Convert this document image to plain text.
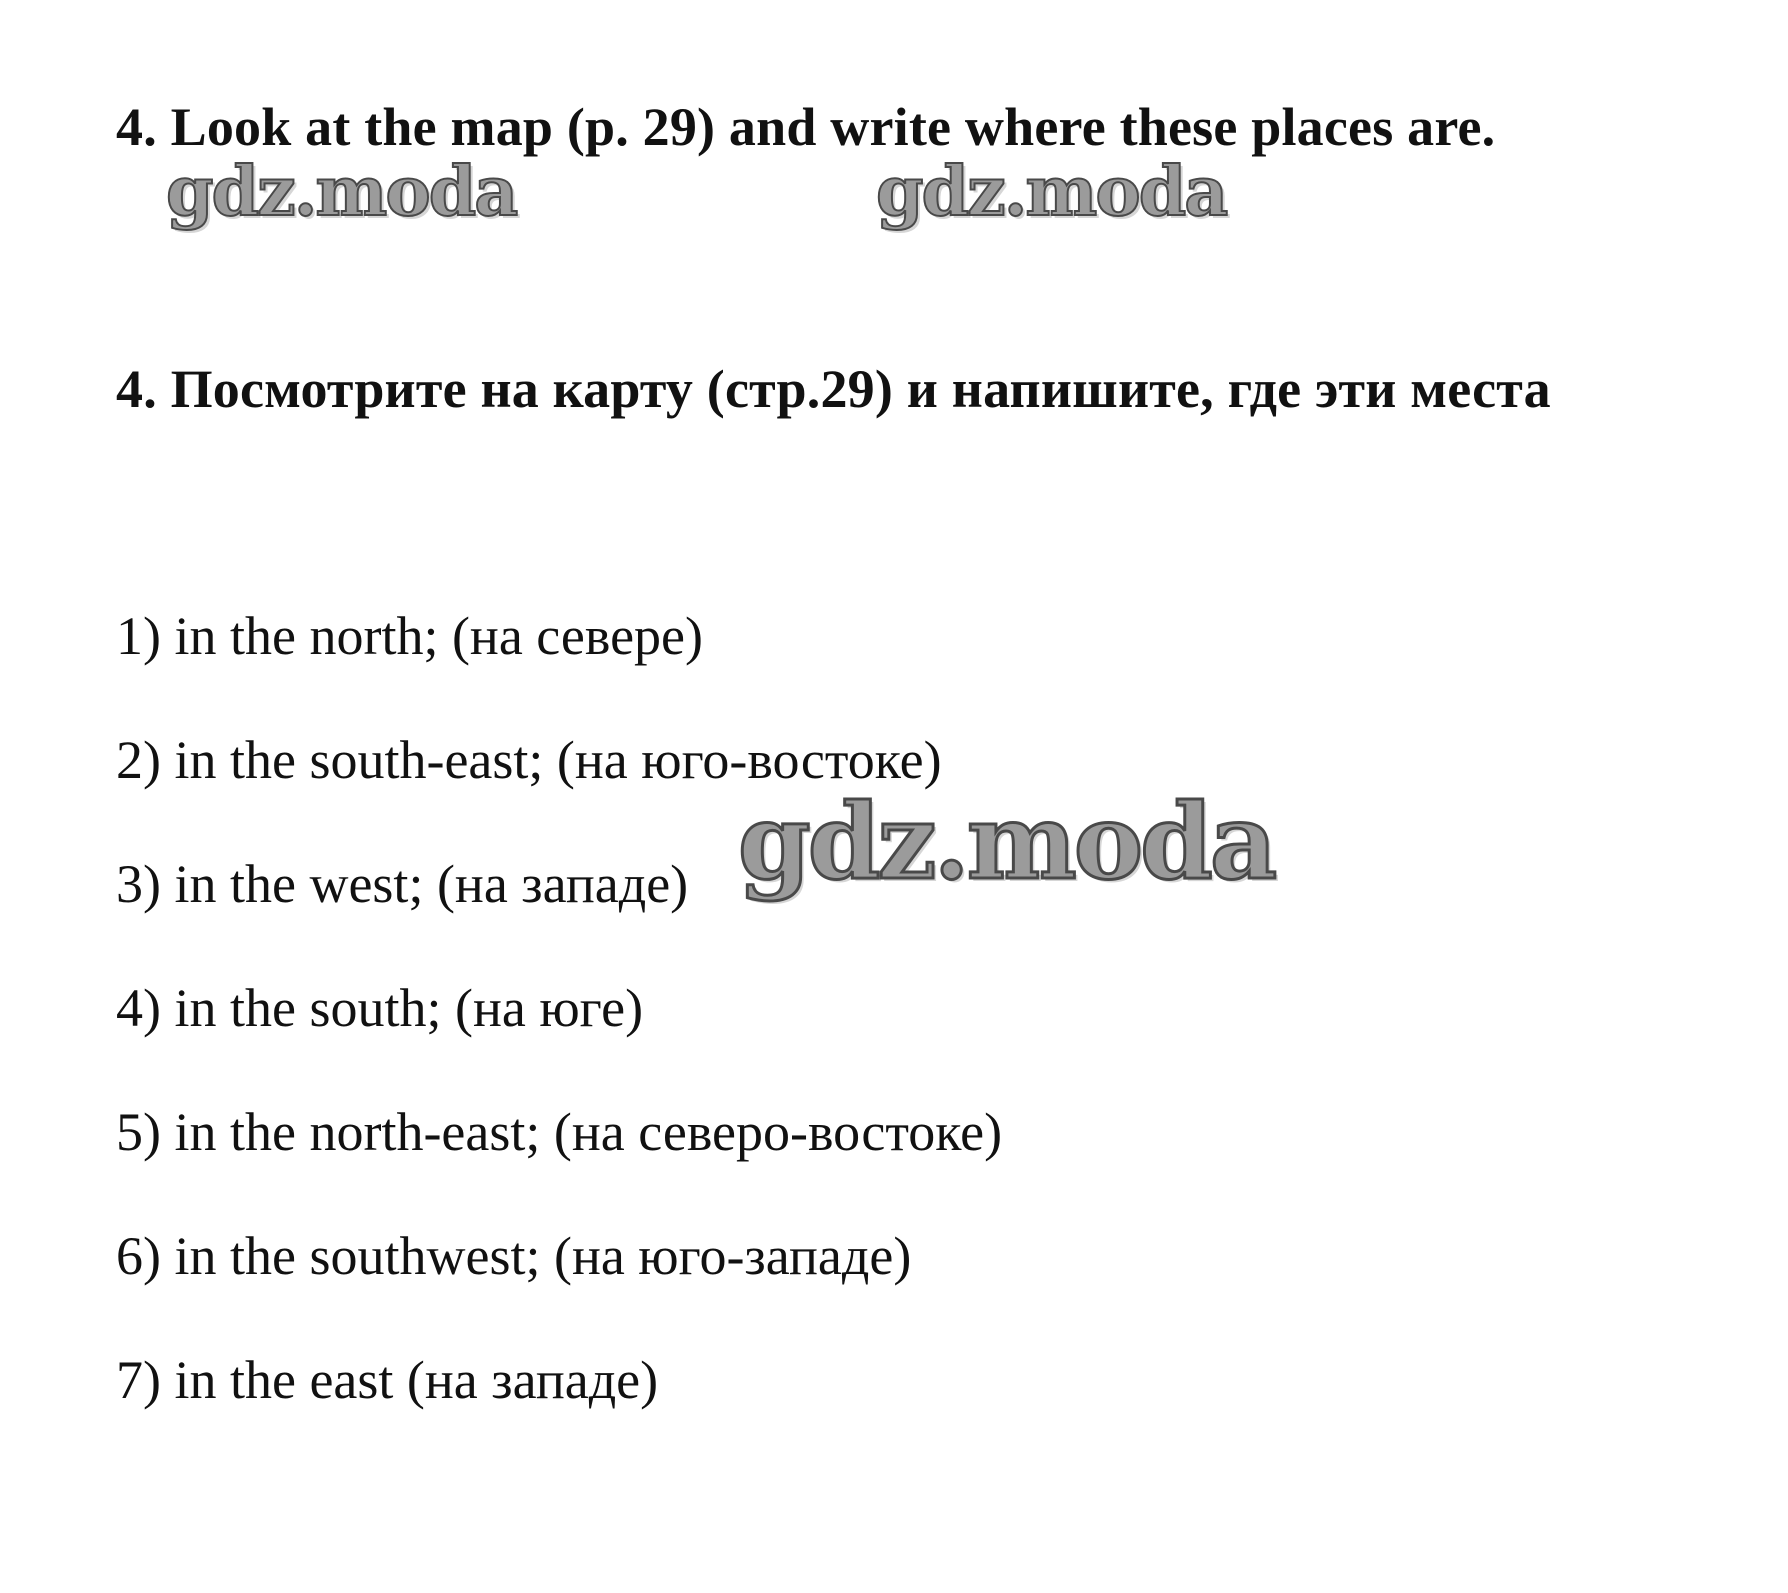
4. Look at the map (p. 29) and write where these places are.
gdz.moda	gdz.moda
4. Посмотрите на карту (стр.29) и напишите, где эти места
1) in the north; (на севере)
2) in the south-east; (на юго-востоке)
3) in the west; (на западе)
4) in the south; (на юге)
5) in the north-east; (на северо-востоке)
6) in the southwest; (на юго-западе)
7) in the east (на западе)
gdz.moda
